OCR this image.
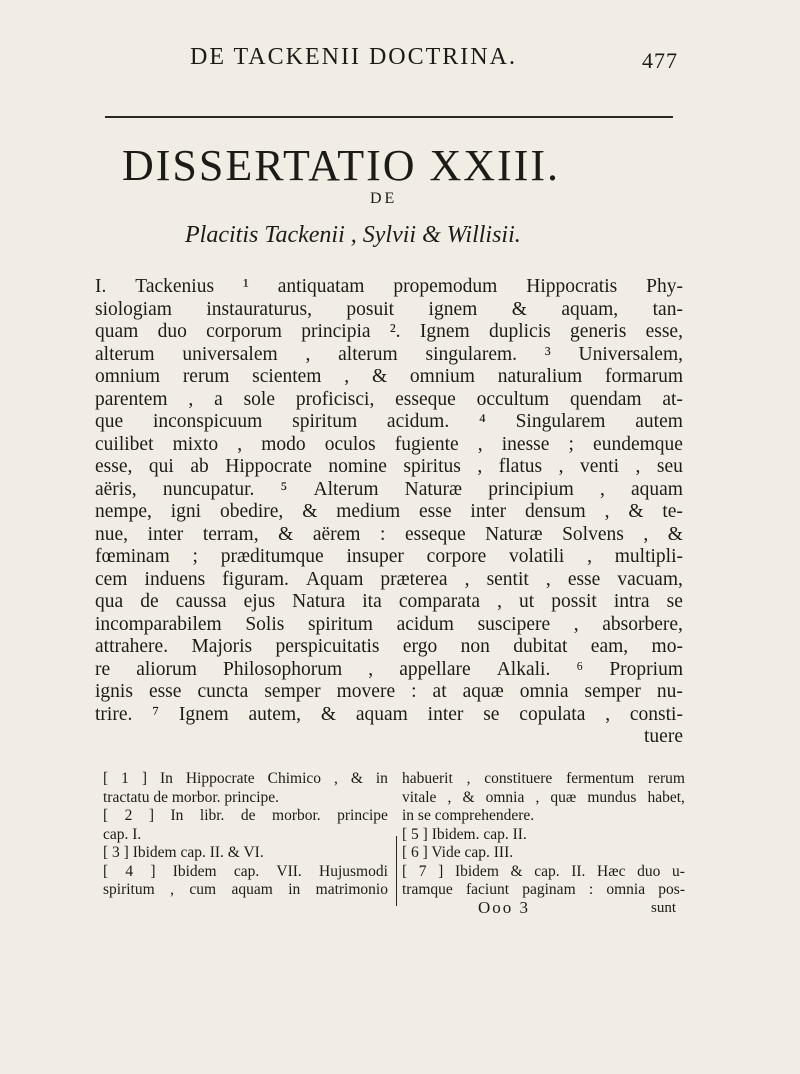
DE TACKENII DOCTRINA.	477
DISSERTATIO XXIII.
DE
Placitis Tackenii , Sylvii & Willisii.
I. Tackenius ¹ antiquatam propemodum Hippocratis Phy-
siologiam instauraturus, posuit ignem & aquam, tan-
quam duo corporum principia ². Ignem duplicis generis esse,
alterum universalem , alterum singularem. ³ Universalem,
omnium rerum scientem , & omnium naturalium formarum
parentem , a sole proficisci, esseque occultum quendam at-
que inconspicuum spiritum acidum. ⁴ Singularem autem
cuilibet mixto , modo oculos fugiente , inesse ; eundemque
esse, qui ab Hippocrate nomine spiritus , flatus , venti , seu
aëris, nuncupatur. ⁵ Alterum Naturæ principium , aquam
nempe, igni obedire, & medium esse inter densum , & te-
nue, inter terram, & aërem : esseque Naturæ Solvens , &
fœminam ; præditumque insuper corpore volatili , multipli-
cem induens figuram. Aquam præterea , sentit , esse vacuam,
qua de caussa ejus Natura ita comparata , ut possit intra se
incomparabilem Solis spiritum acidum suscipere , absorbere,
attrahere. Majoris perspicuitatis ergo non dubitat eam, mo-
re aliorum Philosophorum , appellare Alkali. ⁶ Proprium
ignis esse cuncta semper movere : at aquæ omnia semper nu-
trire. ⁷ Ignem autem, & aquam inter se copulata , consti-
tuere
[ 1 ] In Hippocrate Chimico , & in
tractatu de morbor. principe.
[ 2 ] In libr. de morbor. principe
cap. I.
[ 3 ] Ibidem cap. II. & VI.
[ 4 ] Ibidem cap. VII. Hujusmodi
spiritum , cum aquam in matrimonio
habuerit , constituere fermentum rerum
vitale , & omnia , quæ mundus habet,
in se comprehendere.
[ 5 ] Ibidem. cap. II.
[ 6 ] Vide cap. III.
[ 7 ] Ibidem & cap. II. Hæc duo u-
tramque faciunt paginam : omnia pos-
Ooo 3	sunt
